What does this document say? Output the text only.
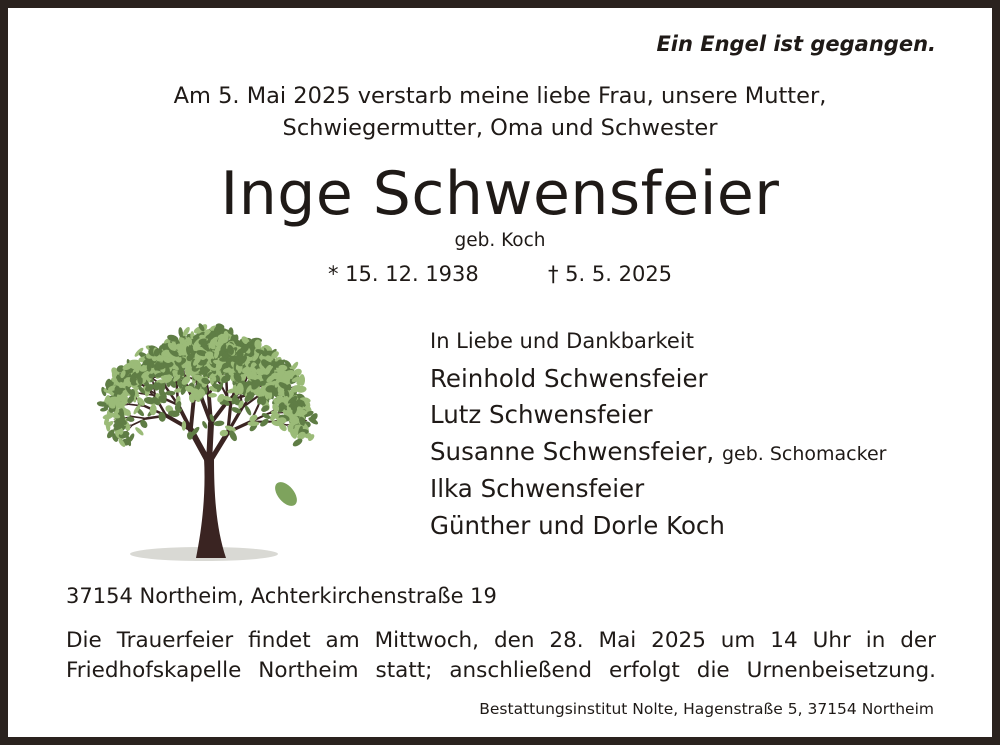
Ein Engel ist gegangen.
Am 5. Mai 2025 verstarb meine liebe Frau, unsere Mutter,
Schwiegermutter, Oma und Schwester
Inge Schwensfeier
geb. Koch
* 15. 12. 1938	† 5. 5. 2025
In Liebe und Dankbarkeit
Reinhold Schwensfeier
Lutz Schwensfeier
Susanne Schwensfeier, geb. Schomacker
Ilka Schwensfeier
Günther und Dorle Koch
37154 Northeim, Achterkirchenstraße 19
Die Trauerfeier findet am Mittwoch, den 28. Mai 2025 um 14 Uhr in der
Friedhofskapelle Northeim statt; anschließend erfolgt die Urnenbeisetzung.
Bestattungsinstitut Nolte, Hagenstraße 5, 37154 Northeim
